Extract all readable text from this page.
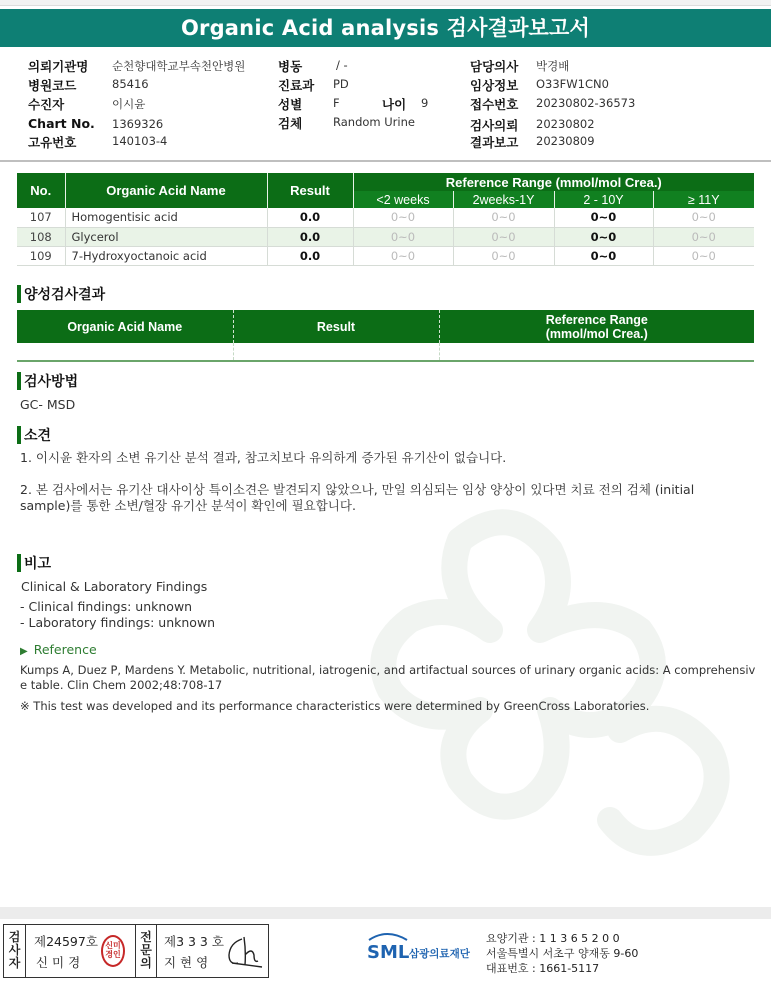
Organic Acid analysis 검사결과보고서
의뢰기관명 순천향대학교부속천안병원
병원코드	85416
수진자	이시윤
Chart No. 1369326
고유번호	140103-4
병동	/ -
진료과 PD
성별	F	나이 9
검체	Random Urine
담당의사 박경배
임상정보 O33FW1CN0
접수번호 20230802-36573
검사의뢰 20230802
결과보고 20230809
No.	Organic Acid Name	Result	Reference Range (mmol/mol Crea.)			
			<2 weeks	2weeks-1Y	2 - 10Y	≥ 11Y
107	Homogentisic acid	0.0	0~0	0~0	0~0	0~0
108	Glycerol	0.0	0~0	0~0	0~0	0~0
109	7-Hydroxyoctanoic acid	0.0	0~0	0~0	0~0	0~0
양성검사결과
Organic Acid Name	Result	Reference Range
(mmol/mol Crea.)

검사방법
GC- MSD
소견
1. 이시윤 환자의 소변 유기산 분석 결과, 참고치보다 유의하게 증가된 유기산이 없습니다.
2. 본 검사에서는 유기산 대사이상 특이소견은 발견되지 않았으나, 만일 의심되는 임상 양상이 있다면 치료 전의 검체 (initial
sample)를 통한 소변/혈장 유기산 분석이 확인에 필요합니다.
비고
Clinical & Laboratory Findings
- Clinical findings: unknown
- Laboratory findings: unknown
▶ Reference
Kumps A, Duez P, Mardens Y. Metabolic, nutritional, iatrogenic, and artifactual sources of urinary organic acids: A comprehensiv
e table. Clin Chem 2002;48:708-17
※ This test was developed and its performance characteristics were determined by GreenCross Laboratories.
검사자
제24597호
신 미 경
신미경인
전문의
제3 3 3 호
지 현 영	SML 삼광의료재단
요양기관 : 1 1 3 6 5 2 0 0
서울특별시 서초구 양재동 9-60
대표번호 : 1661-5117
